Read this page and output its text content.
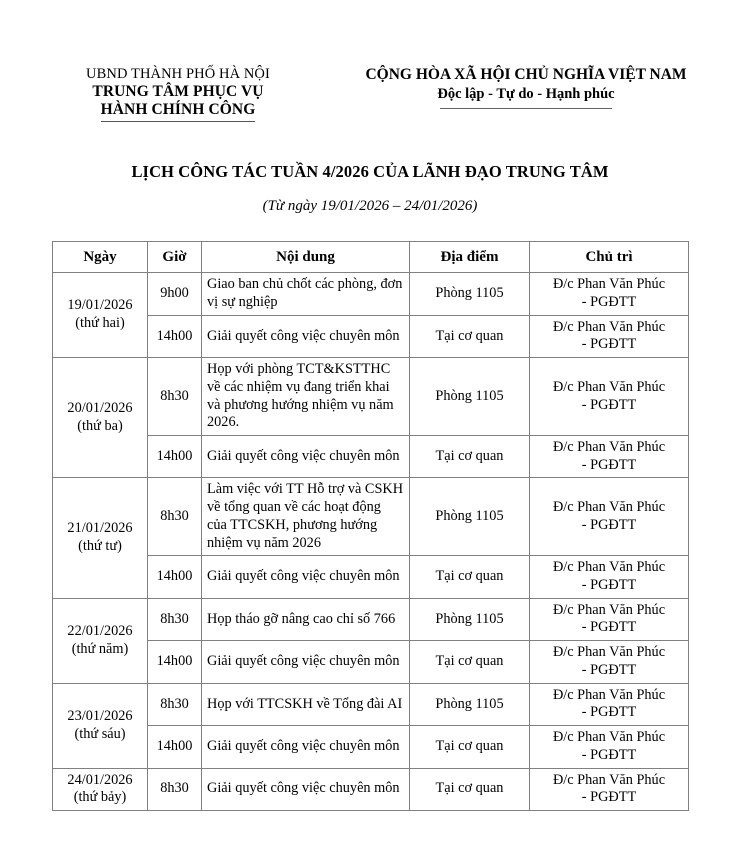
UBND THÀNH PHỐ HÀ NỘI
TRUNG TÂM PHỤC VỤ
HÀNH CHÍNH CÔNG
CỘNG HÒA XÃ HỘI CHỦ NGHĨA VIỆT NAM
Độc lập - Tự do - Hạnh phúc
LỊCH CÔNG TÁC TUẦN 4/2026 CỦA LÃNH ĐẠO TRUNG TÂM
(Từ ngày 19/01/2026 – 24/01/2026)
Ngày	Giờ	Nội dung	Địa điểm	Chủ trì

19/01/2026
(thứ hai)	9h00	Giao ban chủ chốt các phòng, đơn vị sự nghiệp	Phòng 1105	Đ/c Phan Văn Phúc
- PGĐTT

	14h00	Giải quyết công việc chuyên môn	Tại cơ quan	Đ/c Phan Văn Phúc
- PGĐTT

20/01/2026
(thứ ba)	8h30	Họp với phòng TCT&KSTTHC về các nhiệm vụ đang triển khai và phương hướng nhiệm vụ năm 2026.	Phòng 1105	Đ/c Phan Văn Phúc
- PGĐTT

	14h00	Giải quyết công việc chuyên môn	Tại cơ quan	Đ/c Phan Văn Phúc
- PGĐTT

21/01/2026
(thứ tư)	8h30	Làm việc với TT Hỗ trợ và CSKH về tổng quan về các hoạt động của TTCSKH, phương hướng nhiệm vụ năm 2026	Phòng 1105	Đ/c Phan Văn Phúc
- PGĐTT

	14h00	Giải quyết công việc chuyên môn	Tại cơ quan	Đ/c Phan Văn Phúc
- PGĐTT

22/01/2026
(thứ năm)	8h30	Họp tháo gỡ nâng cao chỉ số 766	Phòng 1105	Đ/c Phan Văn Phúc
- PGĐTT

	14h00	Giải quyết công việc chuyên môn	Tại cơ quan	Đ/c Phan Văn Phúc
- PGĐTT

23/01/2026
(thứ sáu)	8h30	Họp với TTCSKH về Tổng đài AI	Phòng 1105	Đ/c Phan Văn Phúc
- PGĐTT

	14h00	Giải quyết công việc chuyên môn	Tại cơ quan	Đ/c Phan Văn Phúc
- PGĐTT

24/01/2026
(thứ bảy)	8h30	Giải quyết công việc chuyên môn	Tại cơ quan	Đ/c Phan Văn Phúc
- PGĐTT
